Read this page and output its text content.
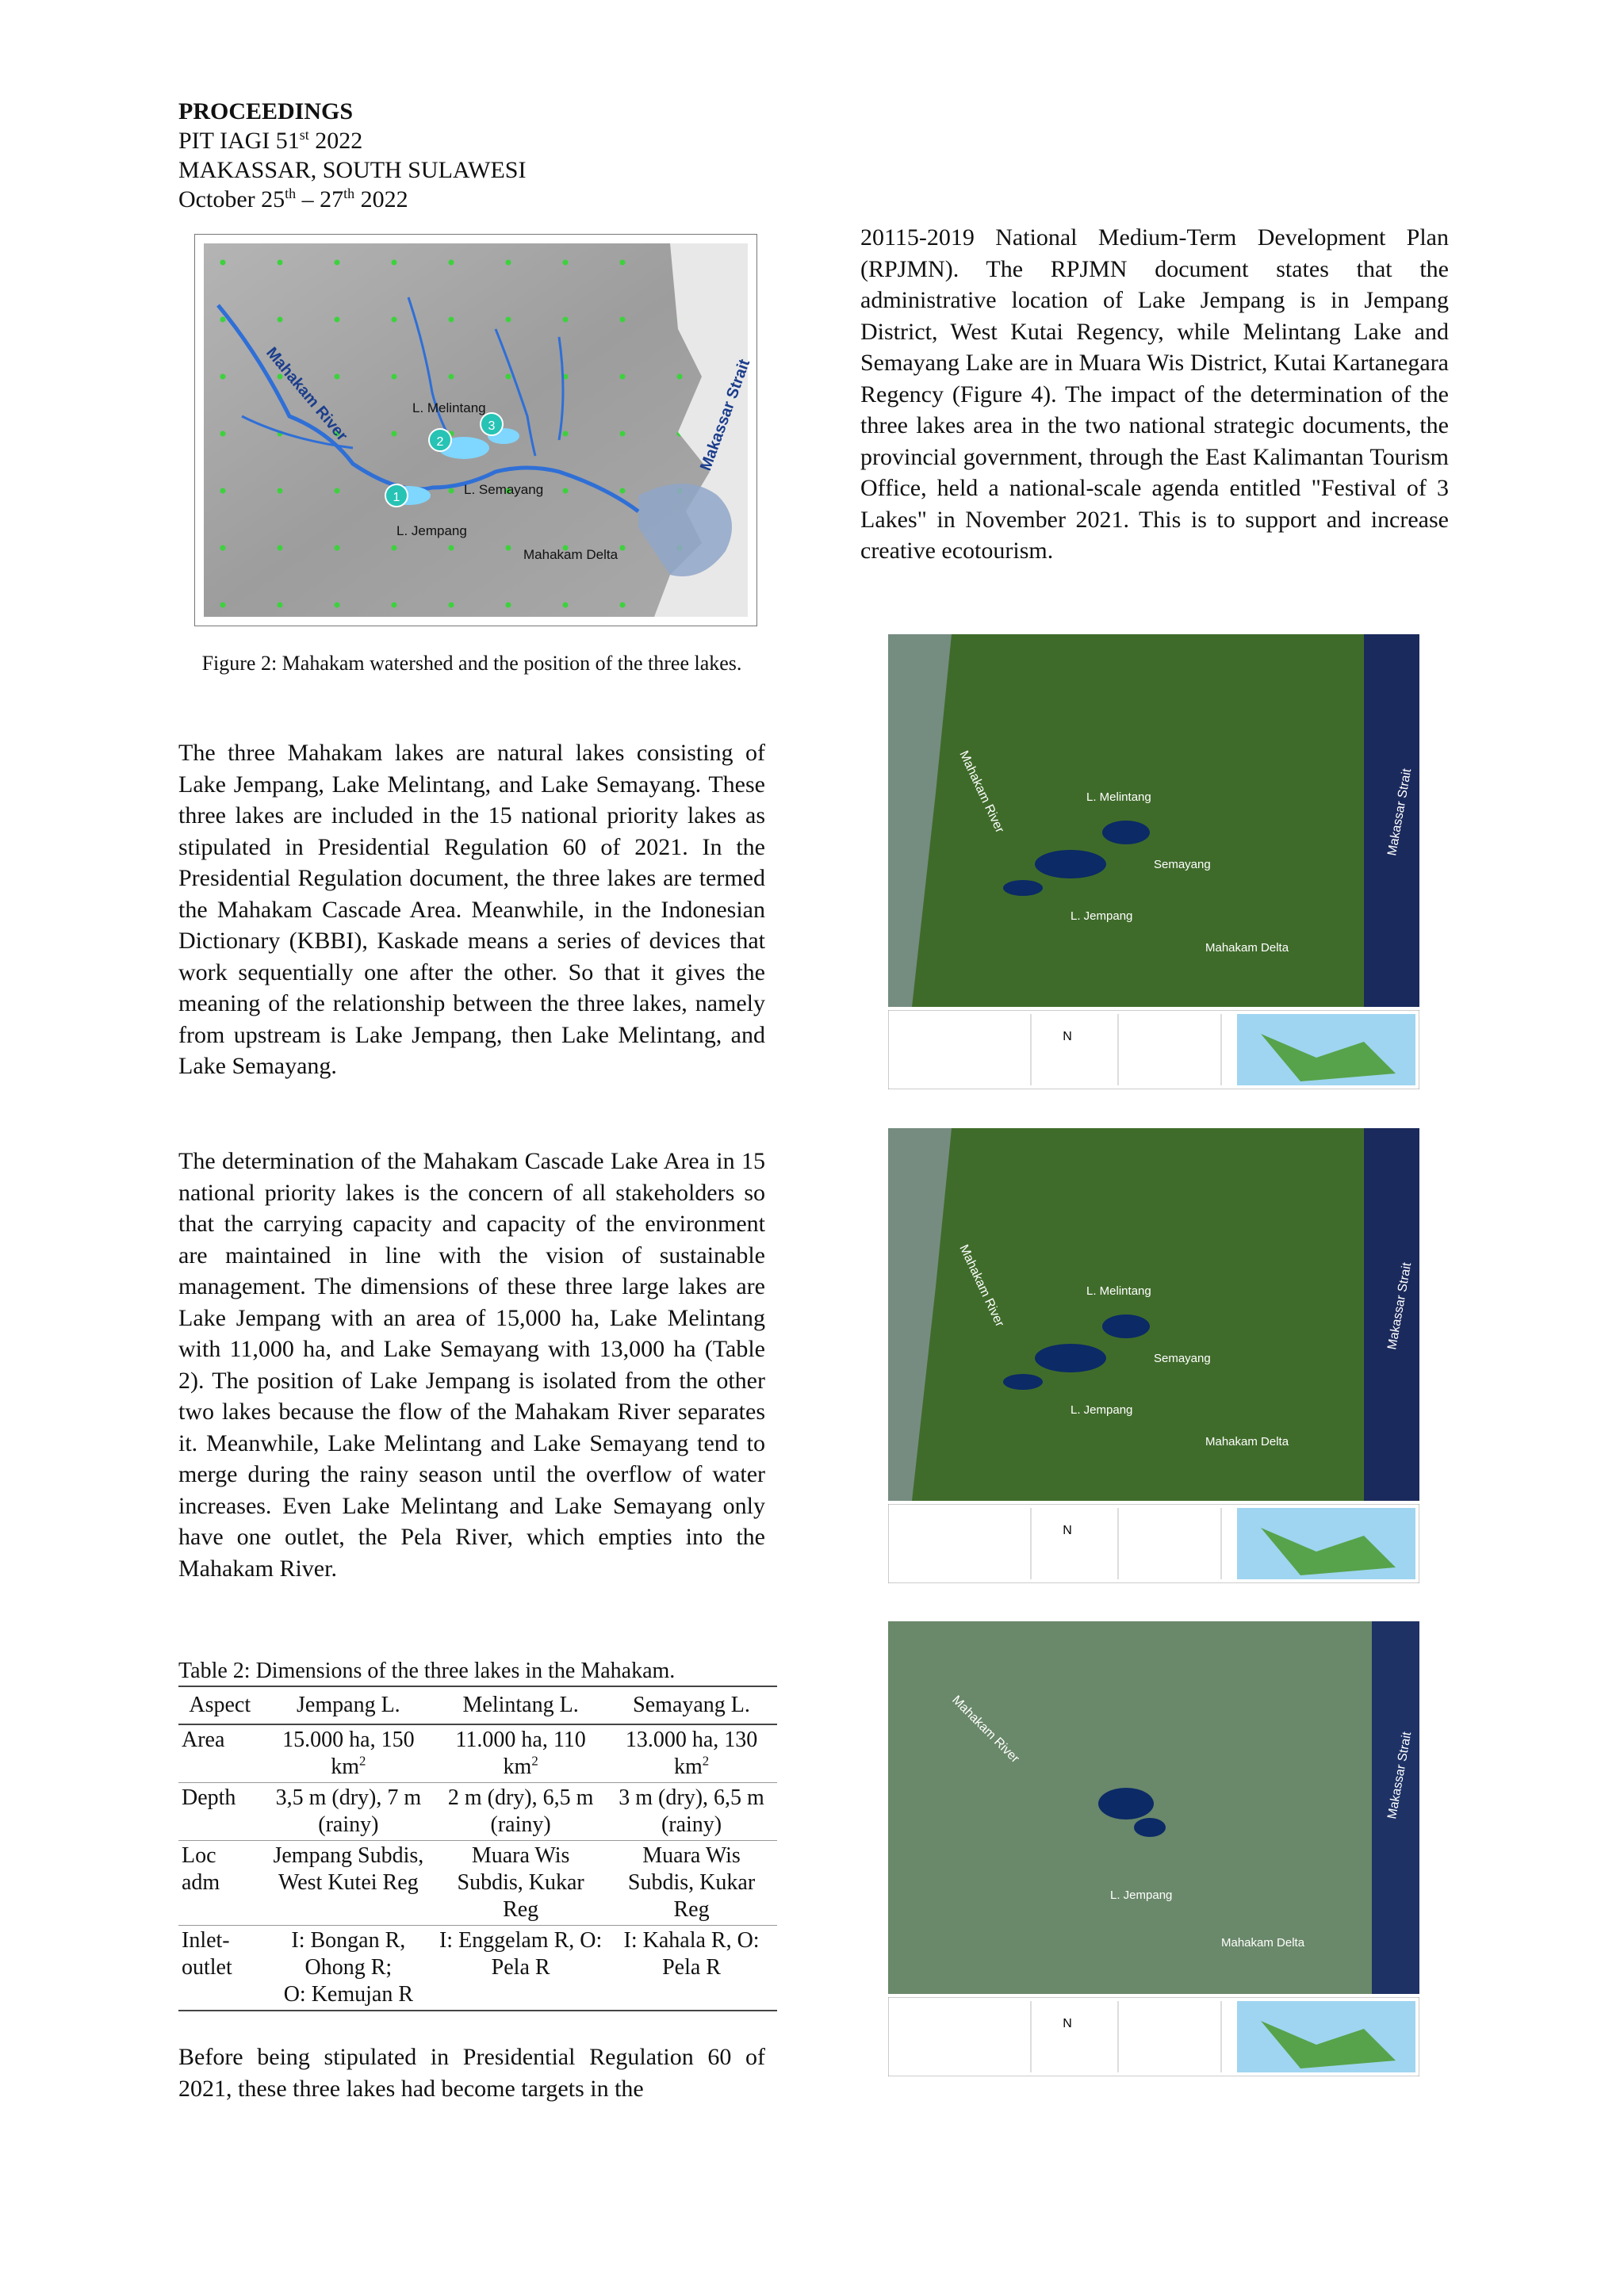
PROCEEDINGS
PIT IAGI 51st 2022
MAKASSAR, SOUTH SULAWESI
October 25th – 27th 2022
1
2
3
Mahakam River	Makassar Strait
L. Melintang
L. Semayang
L. Jempang
Mahakam Delta

Figure 2: Mahakam watershed and the position of the three lakes.

The three Mahakam lakes are natural lakes consisting of Lake Jempang, Lake Melintang, and Lake Semayang. These three lakes are included in the 15 national priority lakes as stipulated in Presidential Regulation 60 of 2021. In the Presidential Regulation document, the three lakes are termed the Mahakam Cascade Area. Meanwhile, in the Indonesian Dictionary (KBBI), Kaskade means a series of devices that work sequentially one after the other. So that it gives the meaning of the relationship between the three lakes, namely from upstream is Lake Jempang, then Lake Melintang, and Lake Semayang.

The determination of the Mahakam Cascade Lake Area in 15 national priority lakes is the concern of all stakeholders so that the carrying capacity and capacity of the environment are maintained in line with the vision of sustainable management. The dimensions of these three large lakes are Lake Jempang with an area of 15,000 ha, Lake Melintang with 11,000 ha, and Lake Semayang with 13,000 ha (Table 2). The position of Lake Jempang is isolated from the other two lakes because the flow of the Mahakam River separates it. Meanwhile, Lake Melintang and Lake Semayang tend to merge during the rainy season until the overflow of water increases. Even Lake Melintang and Lake Semayang only have one outlet, the Pela River, which empties into the Mahakam River.

Table 2: Dimensions of the three lakes in the Mahakam.
Aspect	Jempang L.	Melintang L.	Semayang L.
Area	15.000 ha, 150 $km^2$	11.000 ha, 110 $km^2$	13.000 ha, 130 $km^2$
Depth	3,5 m (dry), 7 m (rainy)	2 m (dry), 6,5 m (rainy)	3 m (dry), 6,5 m (rainy)
Loc adm	Jempang Subdis, West Kutei Reg	Muara Wis Subdis, Kukar Reg	Muara Wis Subdis, Kukar Reg
Inlet-outlet	I: Bongan R, Ohong R;
O: Kemujan R	I: Enggelam R, O: Pela R	I: Kahala R, O: Pela R

Before being stipulated in Presidential Regulation 60 of 2021, these three lakes had become targets in the

20115-2019 National Medium-Term Development Plan (RPJMN). The RPJMN document states that the administrative location of Lake Jempang is in Jempang District, West Kutai Regency, while Melintang Lake and Semayang Lake are in Muara Wis District, Kutai Kartanegara Regency (Figure 4). The impact of the determination of the three lakes area in the two national strategic documents, the provincial government, through the East Kalimantan Tourism Office, held a national-scale agenda entitled "Festival of 3 Lakes" in November 2021. This is to support and increase creative ecotourism.

Mahakam River	Makassar Strait
L. Melintang
Semayang
L. Jempang
Mahakam Delta
N
Mahakam River	Makassar Strait
L. Melintang
Semayang
L. Jempang
Mahakam Delta
N
Mahakam River
Makassar Strait
L. Jempang
Mahakam Delta
N
